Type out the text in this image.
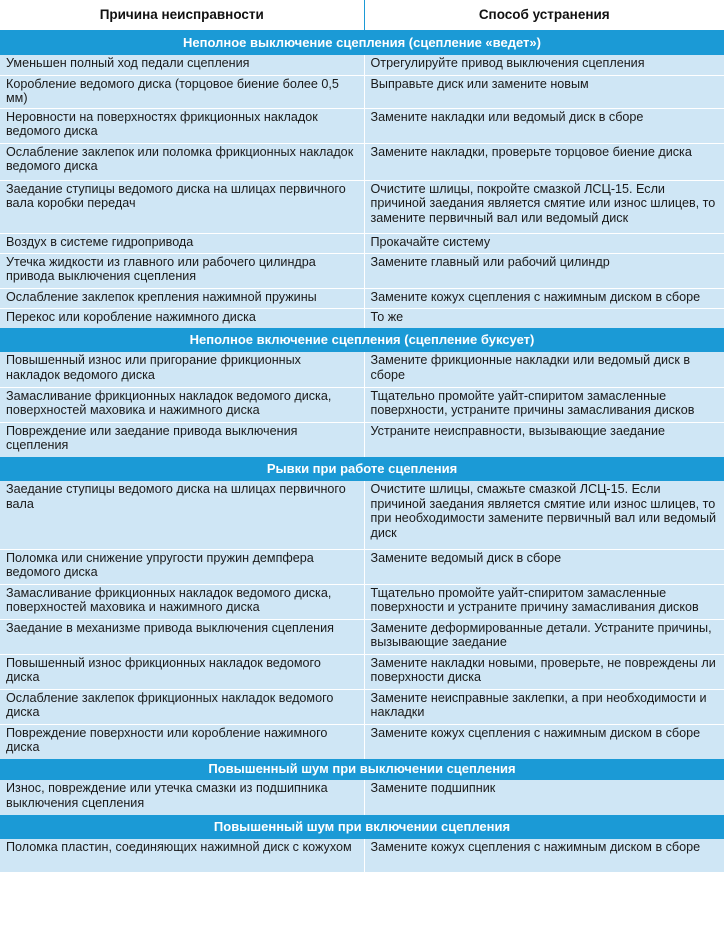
Причина неисправности	Способ устранения
Неполное выключение сцепления (сцепление «ведет»)	
Уменьшен полный ход педали сцепления	Отрегулируйте привод выключения сцепления
Коробление ведомого диска (торцовое биение более 0,5 мм)	Выправьте диск или замените новым
Неровности на поверхностях фрикционных накладок ведомого диска	Замените накладки или ведомый диск в сборе
Ослабление заклепок или поломка фрикционных накладок ведомого диска	Замените накладки, проверьте торцовое биение диска
Заедание ступицы ведомого диска на шлицах первичного вала коробки передач	Очистите шлицы, покройте смазкой ЛСЦ-15. Если причиной заедания является смятие или износ шлицев, то замените первичный вал или ведомый диск
Воздух в системе гидропривода	Прокачайте систему
Утечка жидкости из главного или рабочего цилиндра привода выключения сцепления	Замените главный или рабочий цилиндр
Ослабление заклепок крепления нажимной пружины	Замените кожух сцепления с нажимным диском в сборе
Перекос или коробление нажимного диска	То же
Неполное включение сцепления (сцепление буксует)	
Повышенный износ или пригорание фрикционных накладок ведомого диска	Замените фрикционные накладки или ведомый диск в сборе
Замасливание фрикционных накладок ведомого диска, поверхностей маховика и нажимного диска	Тщательно промойте уайт-спиритом замасленные поверхности, устраните причины замасливания дисков
Повреждение или заедание привода выключения сцепления	Устраните неисправности, вызывающие заедание
Рывки при работе сцепления	
Заедание ступицы ведомого диска на шлицах первичного вала	Очистите шлицы, смажьте смазкой ЛСЦ-15. Если причиной заедания является смятие или износ шлицев, то при необходимости замените первичный вал или ведомый диск
Поломка или снижение упругости пружин демпфера ведомого диска	Замените ведомый диск в сборе
Замасливание фрикционных накладок ведомого диска, поверхностей маховика и нажимного диска	Тщательно промойте уайт-спиритом замасленные поверхности и устраните причину замасливания дисков
Заедание в механизме привода выключения сцепления	Замените деформированные детали. Устраните причины, вызывающие заедание
Повышенный износ фрикционных накладок ведомого диска	Замените накладки новыми, проверьте, не повреждены ли поверхности диска
Ослабление заклепок фрикционных накладок ведомого диска	Замените неисправные заклепки, а при необходимости и накладки
Повреждение поверхности или коробление нажимного диска	Замените кожух сцепления с нажимным диском в сборе
Повышенный шум при выключении сцепления	
Износ, повреждение или утечка смазки из подшипника выключения сцепления	Замените подшипник
Повышенный шум при включении сцепления	
Поломка пластин, соединяющих нажимной диск с кожухом	Замените кожух сцепления с нажимным диском в сборе
